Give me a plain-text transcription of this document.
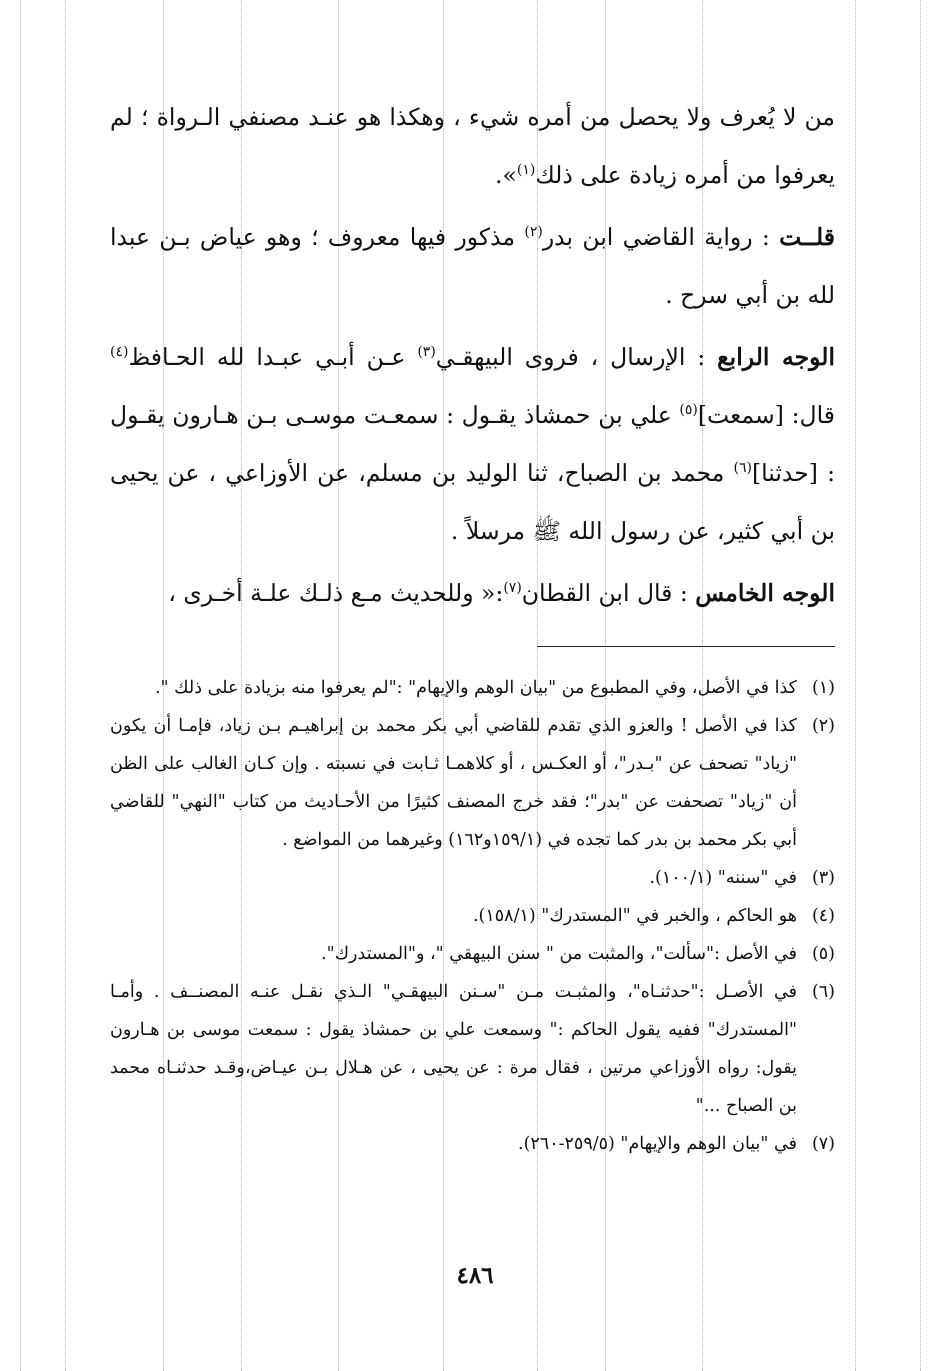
من لا يُعرف ولا يحصل من أمره شيء ، وهكذا هو عنـد مصنفي الـرواة ؛ لم يعرفوا من أمره زيادة على ذلك$^{(١)}$».

قلــت : رواية القاضي ابن بدر$^{(٢)}$ مذكور فيها معروف ؛ وهو عياض بـن عبدا لله بن أبي سرح .

الوجه الرابع : الإرسال ، فروى البيهقـي$^{(٣)}$ عـن أبـي عبـدا لله الحـافظ$^{(٤)}$ قال: [سمعت]$^{(٥)}$ علي بن حمشاذ يقـول : سمعـت موسـى بـن هـارون يقـول : [حدثنا]$^{(٦)}$ محمد بن الصباح، ثنا الوليد بن مسلم، عن الأوزاعي ، عن يحيى بن أبي كثير، عن رسول الله ﷺ مرسلاً .

الوجه الخامس : قال ابن القطان$^{(٧)}$:« وللحديث مـع ذلـك علـة أخـرى ،

(١)
كذا في الأصل، وفي المطبوع من "بيان الوهم والإيهام" :"لم يعرفوا منه بزيادة على ذلك ".
(٢)
كذا في الأصل ! والعزو الذي تقدم للقاضي أبي بكر محمد بن إبراهيـم بـن زياد، فإمـا أن يكون "زياد" تصحف عن "بـدر"، أو العكـس ، أو كلاهمـا ثـابت في نسبته . وإن كـان الغالب على الظن أن "زياد" تصحفت عن "بدر"؛ فقد خرج المصنف كثيرًا من الأحـاديث من كتاب "النهي" للقاضي أبي بكر محمد بن بدر كما تجده في (١٥٩/١و١٦٢) وغيرهما من المواضع .
(٣)
في "سننه" (١٠٠/١).
(٤)
هو الحاكم ، والخبر في "المستدرك" (١٥٨/١).
(٥)
في الأصل :"سألت"، والمثبت من " سنن البيهقي "، و"المستدرك".
(٦)
في الأصـل :"حدثنـاه"، والمثبـت مـن "سـنن البيهقـي" الـذي نقـل عنـه المصنــف . وأمـا "المستدرك" ففيه يقول الحاكم :" وسمعت علي بن حمشاذ يقول : سمعت موسى بن هـارون يقول: رواه الأوزاعي مرتين ، فقال مرة : عن يحيى ، عن هـلال بـن عيـاض،وقـد حدثنـاه محمد بن الصباح ..."
(٧)
في "بيان الوهم والإيهام" (٢٥٩/٥-٢٦٠).
٤٨٦
